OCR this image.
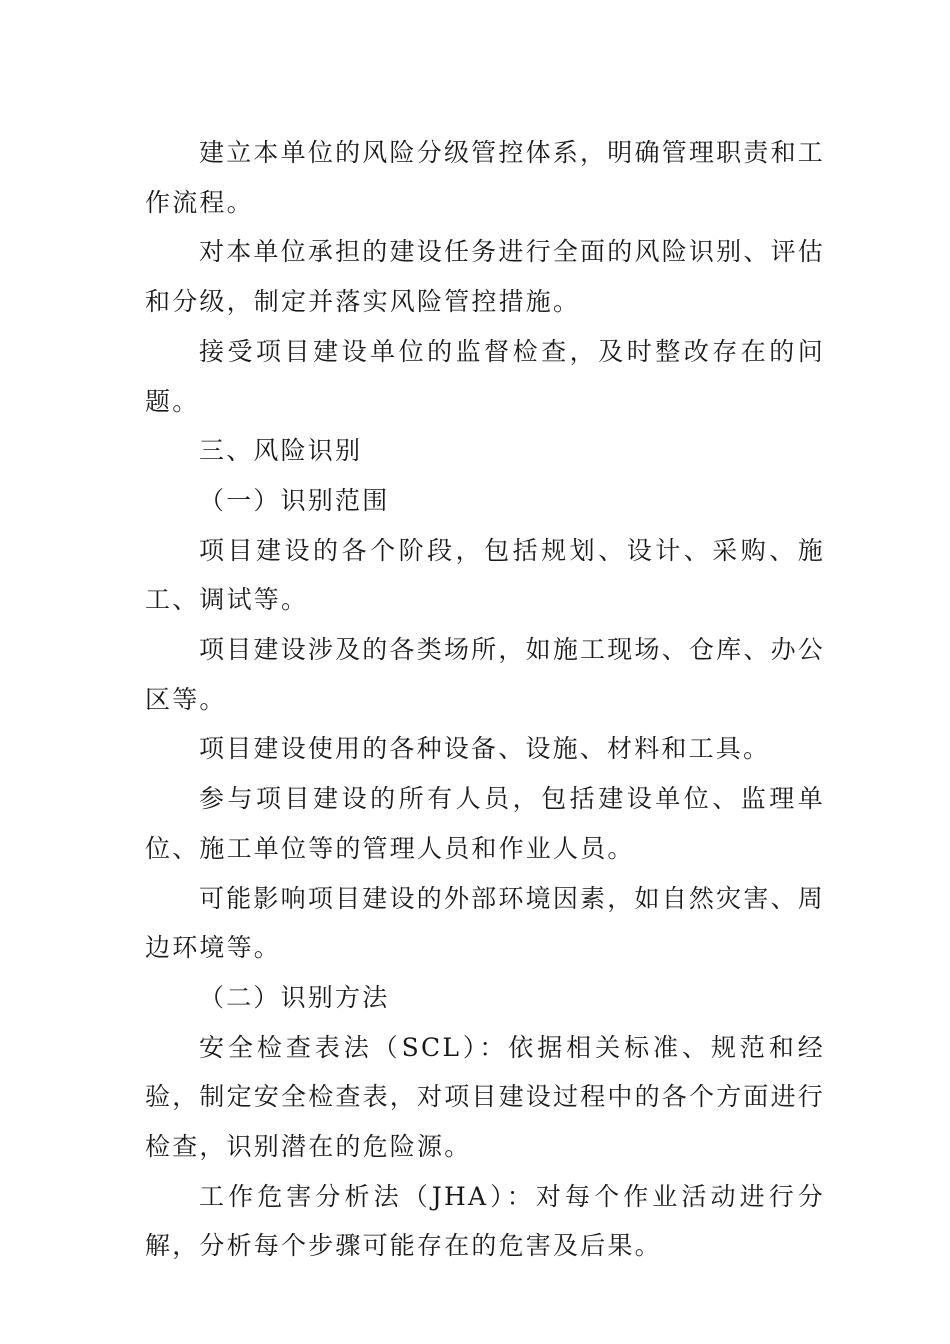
建立本单位的风险分级管控体系，明确管理职责和工作流程。

对本单位承担的建设任务进行全面的风险识别、评估和分级，制定并落实风险管控措施。

接受项目建设单位的监督检查，及时整改存在的问题。

三、风险识别

（一）识别范围

项目建设的各个阶段，包括规划、设计、采购、施工、调试等。

项目建设涉及的各类场所，如施工现场、仓库、办公区等。

项目建设使用的各种设备、设施、材料和工具。

参与项目建设的所有人员，包括建设单位、监理单位、施工单位等的管理人员和作业人员。

可能影响项目建设的外部环境因素，如自然灾害、周边环境等。

（二）识别方法

安全检查表法（SCL）：依据相关标准、规范和经验，制定安全检查表，对项目建设过程中的各个方面进行检查，识别潜在的危险源。

工作危害分析法（JHA）：对每个作业活动进行分解，分析每个步骤可能存在的危害及后果。
